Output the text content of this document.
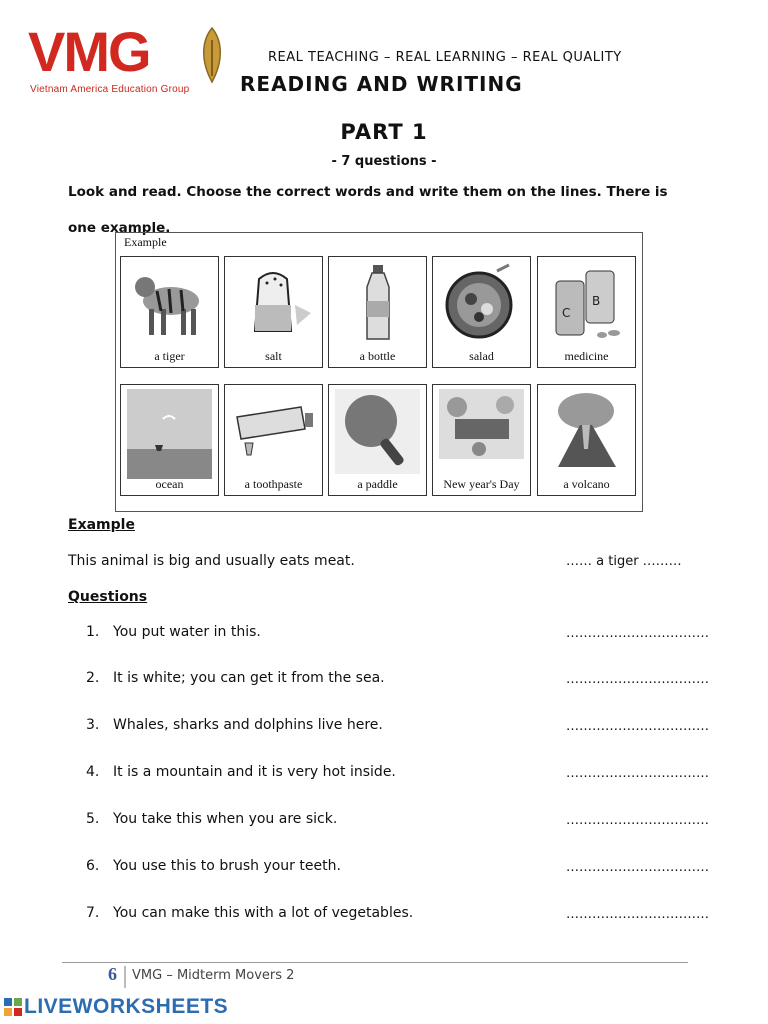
VMG
Vietnam America Education Group
REAL TEACHING – REAL LEARNING – REAL QUALITY
READING AND WRITING
PART 1
- 7 questions -
Look and read. Choose the correct words and write them on the lines. There is one example.
Example
a tiger	salt	a bottle	salad
C
B
medicine
ocean	a toothpaste	a paddle	New year's Day	a volcano
Example
This animal is big and usually eats meat.	…… a tiger ………
Questions
1. You put water in this.	……………………………
2. It is white; you can get it from the sea.	……………………………
3. Whales, sharks and dolphins live here.	……………………………
4. It is a mountain and it is very hot inside.	……………………………
5. You take this when you are sick.	……………………………
6. You use this to brush your teeth.	……………………………
7. You can make this with a lot of vegetables.	……………………………
6 VMG – Midterm Movers 2
LIVEWORKSHEETS
